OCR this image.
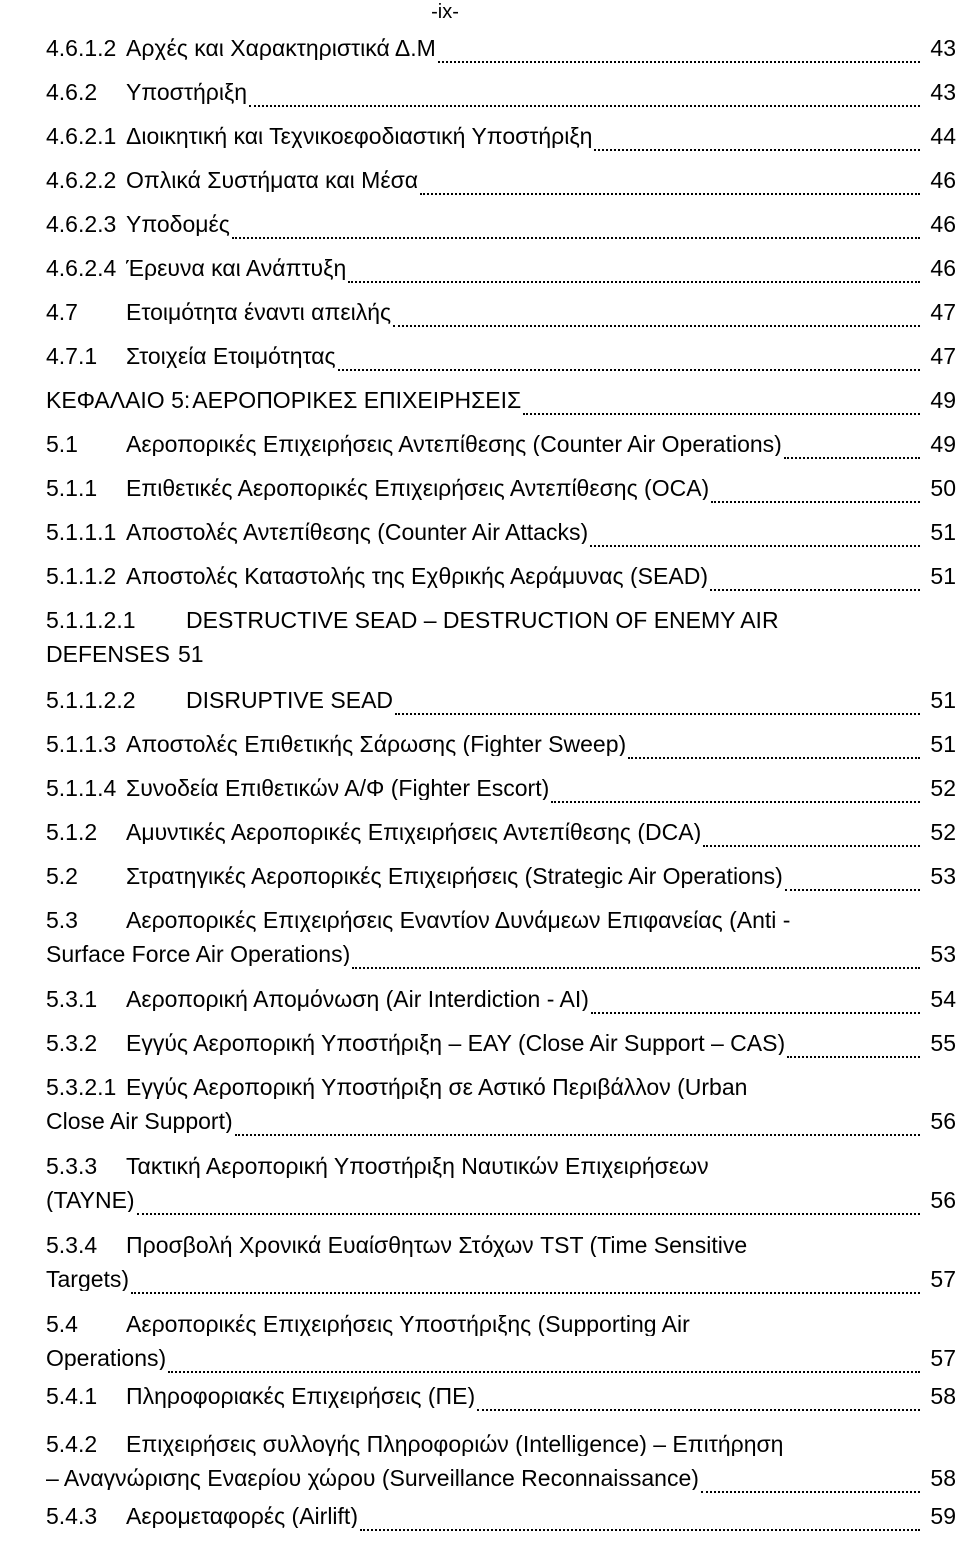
-ix-
4.6.1.2 Αρχές και Χαρακτηριστικά Δ.Μ	43
4.6.2	Υποστήριξη	43
4.6.2.1 Διοικητική και Τεχνικοεφοδιαστική Υποστήριξη	44
4.6.2.2 Οπλικά Συστήματα και Μέσα	46
4.6.2.3 Υποδομές	46
4.6.2.4 Έρευνα και Ανάπτυξη	46
4.7	Ετοιμότητα έναντι απειλής	47
4.7.1	Στοιχεία Ετοιμότητας	47
ΚΕΦΑΛΑΙΟ 5: ΑΕΡΟΠΟΡΙΚΕΣ ΕΠΙΧΕΙΡΗΣΕΙΣ	49
5.1	Αεροπορικές Επιχειρήσεις Αντεπίθεσης (Counter Air Operations)	49
5.1.1	Επιθετικές Αεροπορικές Επιχειρήσεις Αντεπίθεσης (OCA)	50
5.1.1.1 Αποστολές Αντεπίθεσης (Counter Air Attacks)	51
5.1.1.2 Αποστολές Καταστολής της Εχθρικής Αεράμυνας (SEAD)	51
5.1.1.2.1	DESTRUCTIVE SEAD – DESTRUCTION OF ENEMY AIR
DEFENSES 51
5.1.1.2.2	DISRUPTIVE SEAD	51
5.1.1.3 Αποστολές Επιθετικής Σάρωσης (Fighter Sweep)	51
5.1.1.4 Συνοδεία Επιθετικών Α/Φ (Fighter Escort)	52
5.1.2	Αμυντικές Αεροπορικές Επιχειρήσεις Αντεπίθεσης (DCA)	52
5.2	Στρατηγικές Αεροπορικές Επιχειρήσεις (Strategic Air Operations)	53
5.3	Αεροπορικές Επιχειρήσεις Εναντίον Δυνάμεων Επιφανείας (Anti -
Surface Force Air Operations)	53
5.3.1	Αεροπορική Απομόνωση (Air Interdiction - AI)	54
5.3.2	Εγγύς Αεροπορική Υποστήριξη – ΕΑΥ (Close Air Support – CAS)	55
5.3.2.1 Εγγύς Αεροπορική Υποστήριξη σε Αστικό Περιβάλλον (Urban
Close Air Support)	56
5.3.3	Τακτική Αεροπορική Υποστήριξη Ναυτικών Επιχειρήσεων
(ΤΑΥΝΕ)	56
5.3.4	Προσβολή Χρονικά Ευαίσθητων Στόχων TST (Time Sensitive
Targets)	57
5.4	Αεροπορικές Επιχειρήσεις Υποστήριξης (Supporting Air
Operations)	57
5.4.1	Πληροφοριακές Επιχειρήσεις (ΠΕ)	58
5.4.2	Επιχειρήσεις συλλογής Πληροφοριών (Intelligence) – Επιτήρηση
– Αναγνώρισης Εναερίου χώρου (Surveillance Reconnaissance)	58
5.4.3	Αερομεταφορές (Airlift)	59
